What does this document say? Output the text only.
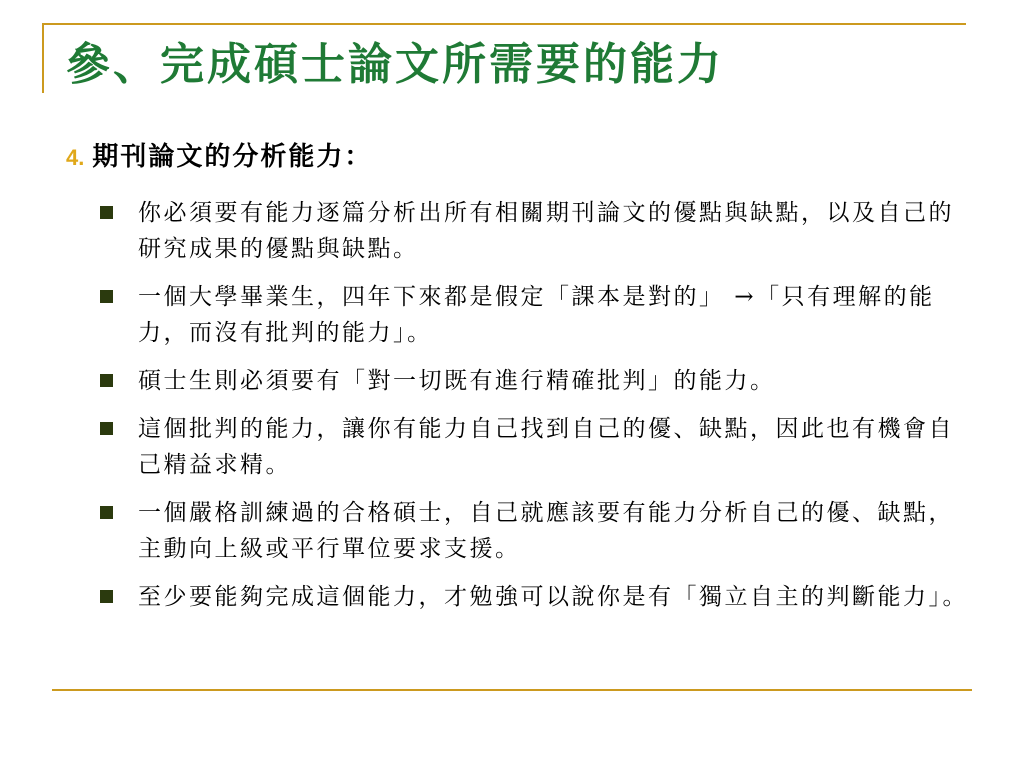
參、完成碩士論文所需要的能力
4. 期刊論文的分析能力：
你必須要有能力逐篇分析出所有相關期刊論文的優點與缺點，以及自己的研究成果的優點與缺點。
一個大學畢業生，四年下來都是假定「課本是對的」 →「只有理解的能力，而沒有批判的能力」。
碩士生則必須要有「對一切既有進行精確批判」的能力。
這個批判的能力，讓你有能力自己找到自己的優、缺點，因此也有機會自己精益求精。
一個嚴格訓練過的合格碩士，自己就應該要有能力分析自己的優、缺點，主動向上級或平行單位要求支援。
至少要能夠完成這個能力，才勉強可以說你是有「獨立自主的判斷能力」。
